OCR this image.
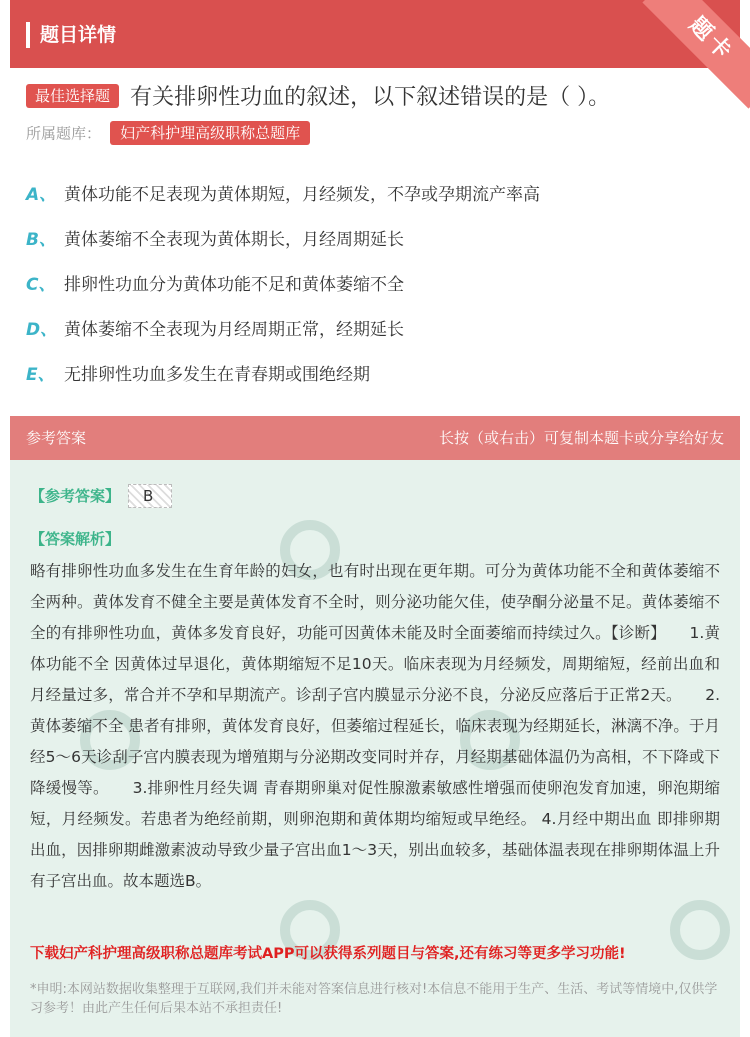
题目详情	题卡
最佳选择题 有关排卵性功血的叙述，以下叙述错误的是（ ）。
所属题库： 妇产科护理高级职称总题库
A、 黄体功能不足表现为黄体期短，月经频发，不孕或孕期流产率高
B、 黄体萎缩不全表现为黄体期长，月经周期延长
C、 排卵性功血分为黄体功能不足和黄体萎缩不全
D、 黄体萎缩不全表现为月经周期正常，经期延长
E、 无排卵性功血多发生在青春期或围绝经期
参考答案	长按（或右击）可复制本题卡或分享给好友
【参考答案】 B
【答案解析】
略有排卵性功血多发生在生育年龄的妇女，也有时出现在更年期。可分为黄体功能不全和黄体萎缩不全两种。黄体发育不健全主要是黄体发育不全时，则分泌功能欠佳，使孕酮分泌量不足。黄体萎缩不全的有排卵性功血，黄体多发育良好，功能可因黄体未能及时全面萎缩而持续过久。【诊断】　　1.黄体功能不全 因黄体过早退化，黄体期缩短不足10天。临床表现为月经频发，周期缩短，经前出血和月经量过多，常合并不孕和早期流产。诊刮子宫内膜显示分泌不良，分泌反应落后于正常2天。　　2.黄体萎缩不全 患者有排卵，黄体发育良好，但萎缩过程延长，临床表现为经期延长，淋漓不净。于月经5～6天诊刮子宫内膜表现为增殖期与分泌期改变同时并存，月经期基础体温仍为高相，不下降或下降缓慢等。　　3.排卵性月经失调 青春期卵巢对促性腺激素敏感性增强而使卵泡发育加速，卵泡期缩短，月经频发。若患者为绝经前期，则卵泡期和黄体期均缩短或早绝经。 4.月经中期出血 即排卵期出血，因排卵期雌激素波动导致少量子宫出血1～3天，别出血较多，基础体温表现在排卵期体温上升有子宫出血。故本题选B。
下载妇产科护理高级职称总题库考试APP可以获得系列题目与答案,还有练习等更多学习功能!
*申明:本网站数据收集整理于互联网,我们并未能对答案信息进行核对!本信息不能用于生产、生活、考试等情境中,仅供学习参考！由此产生任何后果本站不承担责任!
